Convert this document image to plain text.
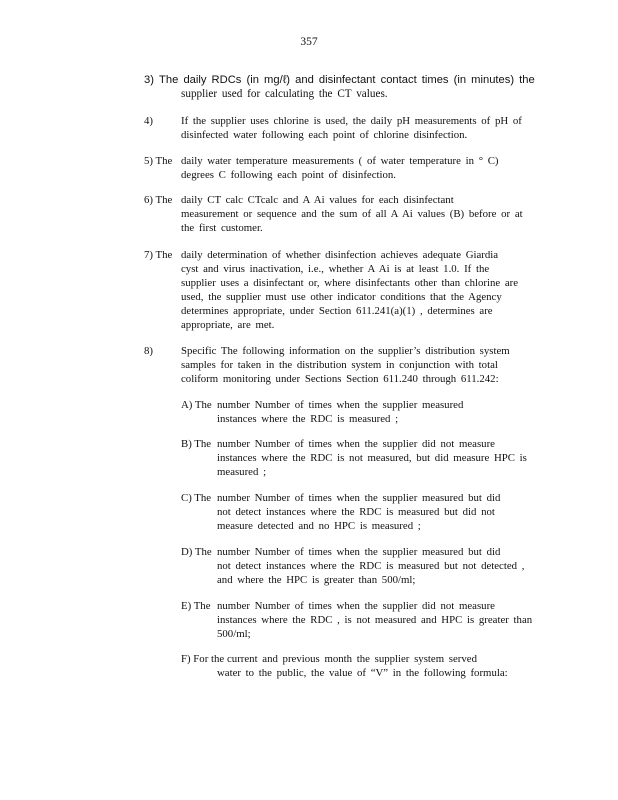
357
3) The daily RDCs (in mg/ℓ) and disinfectant contact times (in minutes) the
supplier used for calculating the CT values.
4)	If the supplier uses chlorine is used, the daily pH measurements of pH of
disinfected water following each point of chlorine disinfection.
5) The daily water temperature measurements ( of water temperature in ° C)
degrees C following each point of disinfection.
6) The daily CT calc CTcalc and A Ai values for each disinfectant
measurement or sequence and the sum of all A Ai values (B) before or at
the first customer.
7) The daily determination of whether disinfection achieves adequate Giardia
cyst and virus inactivation, i.e., whether A Ai is at least 1.0. If the
supplier uses a disinfectant or, where disinfectants other than chlorine are
used, the supplier must use other indicator conditions that the Agency
determines appropriate, under Section 611.241(a)(1) , determines are
appropriate, are met.
8)	Specific The following information on the supplier’s distribution system
samples for taken in the distribution system in conjunction with total
coliform monitoring under Sections Section 611.240 through 611.242:
A) The number Number of times when the supplier measured
instances where the RDC is measured ;
B) The number Number of times when the supplier did not measure
instances where the RDC is not measured, but did measure HPC is
measured ;
C) The number Number of times when the supplier measured but did
not detect instances where the RDC is measured but did not
measure detected and no HPC is measured ;
D) The number Number of times when the supplier measured but did
not detect instances where the RDC is measured but not detected ,
and where the HPC is greater than 500/ml;
E) The number Number of times when the supplier did not measure
instances where the RDC , is not measured and HPC is greater than
500/ml;
F) For the current and previous month the supplier system served
water to the public, the value of “V” in the following formula:
